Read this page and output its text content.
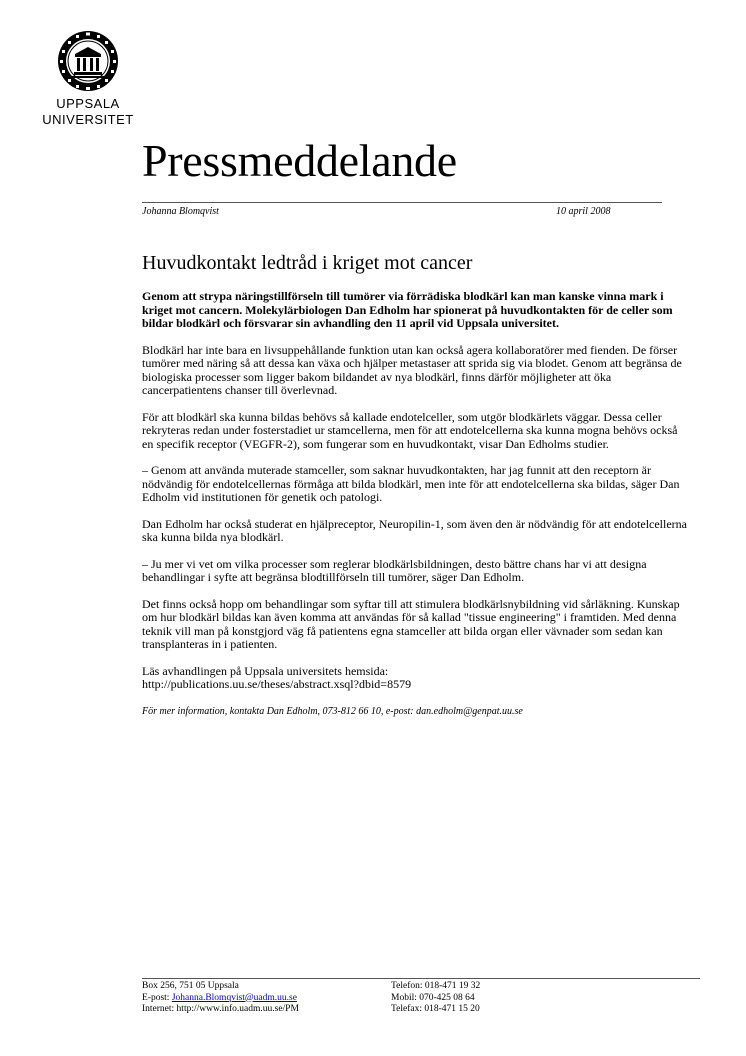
UPPSALA
UNIVERSITET
Pressmeddelande
Johanna Blomqvist	10 april 2008
Huvudkontakt ledtråd i kriget mot cancer

Genom att strypa näringstillförseln till tumörer via förrädiska blodkärl kan man kanske vinna mark i kriget mot cancern. Molekylärbiologen Dan Edholm har spionerat på huvudkontakten för de celler som bildar blodkärl och försvarar sin avhandling den 11 april vid Uppsala universitet.

Blodkärl har inte bara en livsuppehållande funktion utan kan också agera kollaboratörer med fienden. De förser tumörer med näring så att dessa kan växa och hjälper metastaser att sprida sig via blodet. Genom att begränsa de biologiska processer som ligger bakom bildandet av nya blodkärl, finns därför möjligheter att öka cancerpatientens chanser till överlevnad.

För att blodkärl ska kunna bildas behövs så kallade endotelceller, som utgör blodkärlets väggar. Dessa celler rekryteras redan under fosterstadiet ur stamcellerna, men för att endotelcellerna ska kunna mogna behövs också en specifik receptor (VEGFR-2), som fungerar som en huvudkontakt, visar Dan Edholms studier.

– Genom att använda muterade stamceller, som saknar huvudkontakten, har jag funnit att den receptorn är nödvändig för endotelcellernas förmåga att bilda blodkärl, men inte för att endotelcellerna ska bildas, säger Dan Edholm vid institutionen för genetik och patologi.

Dan Edholm har också studerat en hjälpreceptor, Neuropilin-1, som även den är nödvändig för att endotelcellerna ska kunna bilda nya blodkärl.

– Ju mer vi vet om vilka processer som reglerar blodkärlsbildningen, desto bättre chans har vi att designa behandlingar i syfte att begränsa blodtillförseln till tumörer, säger Dan Edholm.

Det finns också hopp om behandlingar som syftar till att stimulera blodkärlsnybildning vid sårläkning. Kunskap om hur blodkärl bildas kan även komma att användas för så kallad "tissue engineering" i framtiden. Med denna teknik vill man på konstgjord väg få patientens egna stamceller att bilda organ eller vävnader som sedan kan transplanteras in i patienten.

Läs avhandlingen på Uppsala universitets hemsida:
http://publications.uu.se/theses/abstract.xsql?dbid=8579

För mer information, kontakta Dan Edholm, 073-812 66 10, e-post: dan.edholm@genpat.uu.se

Box 256, 751 05 Uppsala
E-post: Johanna.Blomqvist@uadm.uu.se
Internet: http://www.info.uadm.uu.se/PM
Telefon: 018-471 19 32
Mobil: 070-425 08 64
Telefax: 018-471 15 20
